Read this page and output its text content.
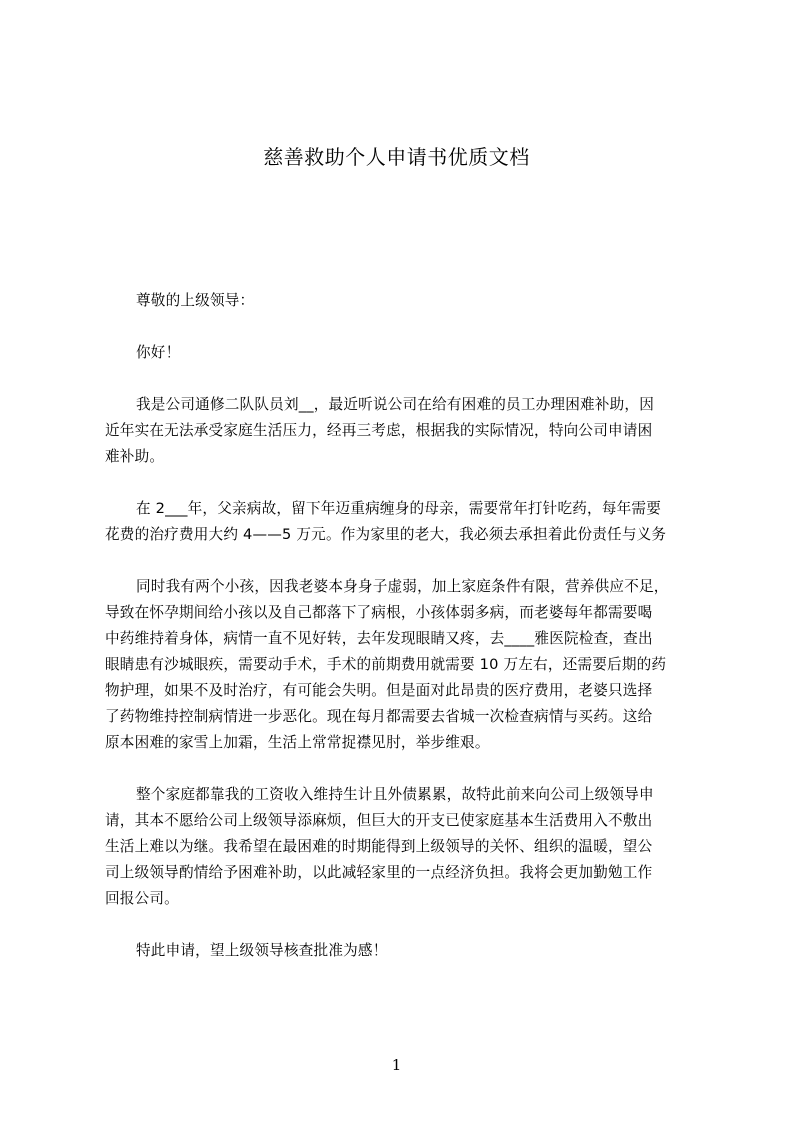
慈善救助个人申请书优质文档

尊敬的上级领导：

你好！

我是公司通修二队队员刘__，最近听说公司在给有困难的员工办理困难补助，因
近年实在无法承受家庭生活压力，经再三考虑，根据我的实际情况，特向公司申请困
难补助。
在 2___年，父亲病故，留下年迈重病缠身的母亲，需要常年打针吃药，每年需要
花费的治疗费用大约 4——5 万元。作为家里的老大，我必须去承担着此份责任与义务
同时我有两个小孩，因我老婆本身身子虚弱，加上家庭条件有限，营养供应不足，
导致在怀孕期间给小孩以及自己都落下了病根，小孩体弱多病，而老婆每年都需要喝
中药维持着身体，病情一直不见好转，去年发现眼睛又疼，去____雅医院检查，查出
眼睛患有沙城眼疾，需要动手术，手术的前期费用就需要 10 万左右，还需要后期的药
物护理，如果不及时治疗，有可能会失明。但是面对此昂贵的医疗费用，老婆只选择
了药物维持控制病情进一步恶化。现在每月都需要去省城一次检查病情与买药。这给
原本困难的家雪上加霜，生活上常常捉襟见肘，举步维艰。
整个家庭都靠我的工资收入维持生计且外债累累，故特此前来向公司上级领导申
请，其本不愿给公司上级领导添麻烦，但巨大的开支已使家庭基本生活费用入不敷出
生活上难以为继。我希望在最困难的时期能得到上级领导的关怀、组织的温暖，望公
司上级领导酌情给予困难补助，以此减轻家里的一点经济负担。我将会更加勤勉工作
回报公司。

特此申请，望上级领导核查批准为感！

1
